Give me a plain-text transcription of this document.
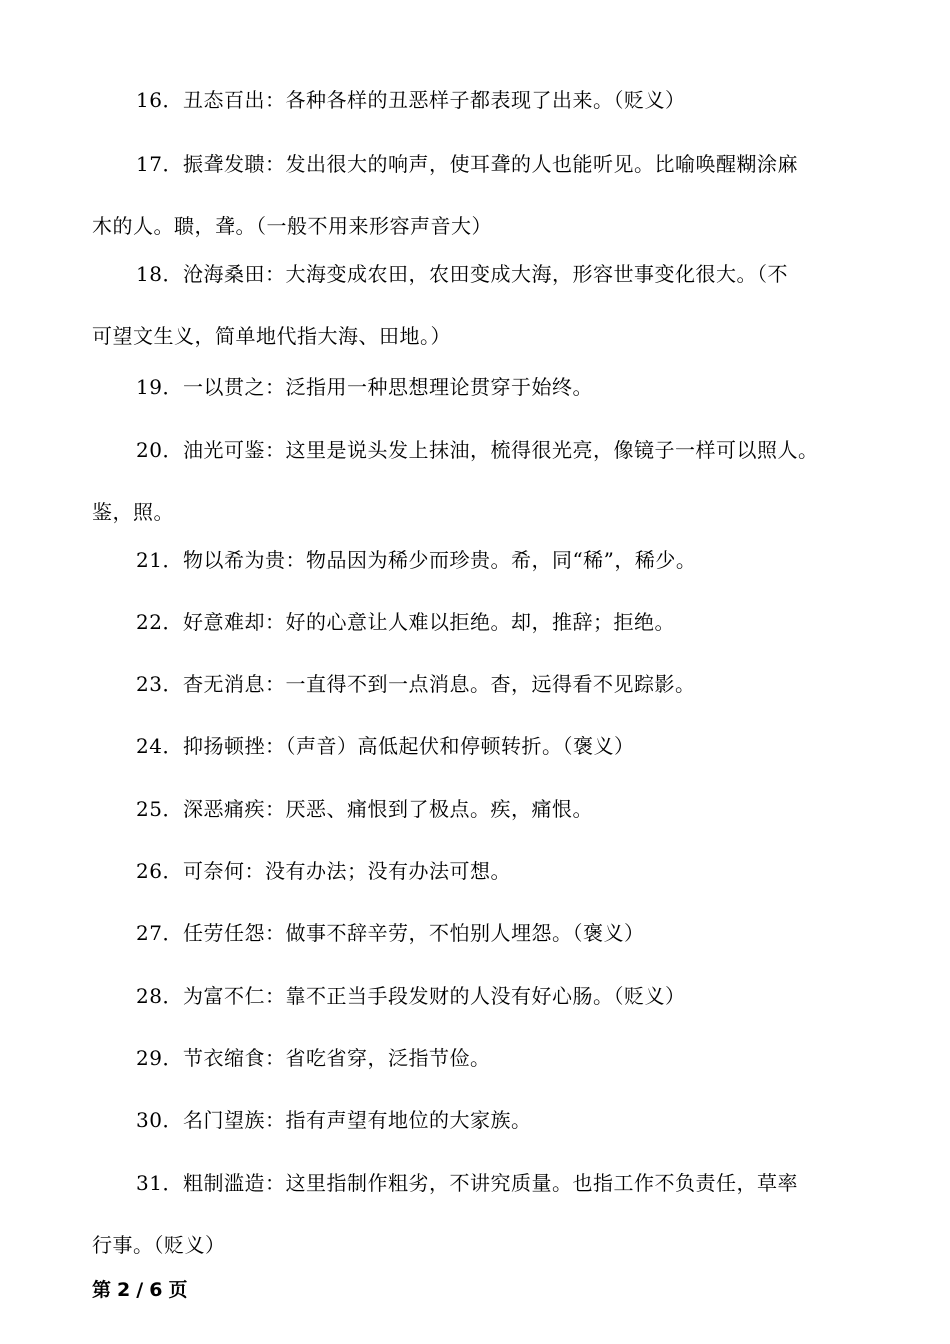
16．丑态百出：各种各样的丑恶样子都表现了出来。（贬义）
17．振聋发聩：发出很大的响声，使耳聋的人也能听见。比喻唤醒糊涂麻
木的人。聩，聋。（一般不用来形容声音大）
18．沧海桑田：大海变成农田，农田变成大海，形容世事变化很大。（不
可望文生义，简单地代指大海、田地。）
19．一以贯之：泛指用一种思想理论贯穿于始终。
20．油光可鉴：这里是说头发上抹油，梳得很光亮，像镜子一样可以照人。
鉴，照。
21．物以希为贵：物品因为稀少而珍贵。希，同“稀”，稀少。
22．好意难却：好的心意让人难以拒绝。却，推辞；拒绝。
23．杳无消息：一直得不到一点消息。杳，远得看不见踪影。
24．抑扬顿挫：（声音）高低起伏和停顿转折。（褒义）
25．深恶痛疾：厌恶、痛恨到了极点。疾，痛恨。
26．可奈何：没有办法；没有办法可想。
27．任劳任怨：做事不辞辛劳，不怕别人埋怨。（褒义）
28．为富不仁：靠不正当手段发财的人没有好心肠。（贬义）
29．节衣缩食：省吃省穿，泛指节俭。
30．名门望族：指有声望有地位的大家族。
31．粗制滥造：这里指制作粗劣，不讲究质量。也指工作不负责任，草率
行事。（贬义）
第 2 / 6 页
